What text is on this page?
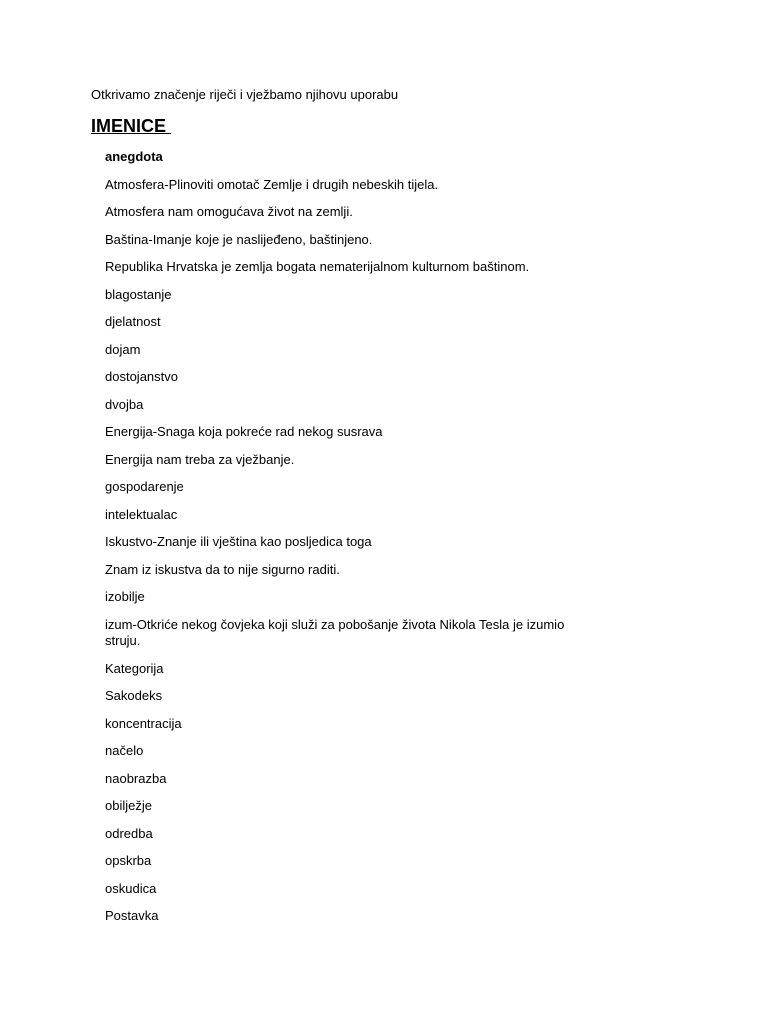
Otkrivamo značenje riječi i vježbamo njihovu uporabu
IMENICE
anegdota
Atmosfera-Plinoviti omotač Zemlje i drugih nebeskih tijela.
Atmosfera nam omogućava život na zemlji.
Baština-Imanje koje je naslijeđeno, baštinjeno.
Republika Hrvatska je zemlja bogata nematerijalnom kulturnom baštinom.
blagostanje
djelatnost
dojam
dostojanstvo
dvojba
Energija-Snaga koja pokreće rad nekog susrava
Energija nam treba za vježbanje.
gospodarenje
intelektualac
Iskustvo-Znanje ili vještina kao posljedica toga
Znam iz iskustva da to nije sigurno raditi.
izobilje
izum-Otkriće nekog čovjeka koji služi za pobošanje života Nikola Tesla je izumio struju.
Kategorija
Sakodeks
koncentracija
načelo
naobrazba
obilježje
odredba
opskrba
oskudica
Postavka
